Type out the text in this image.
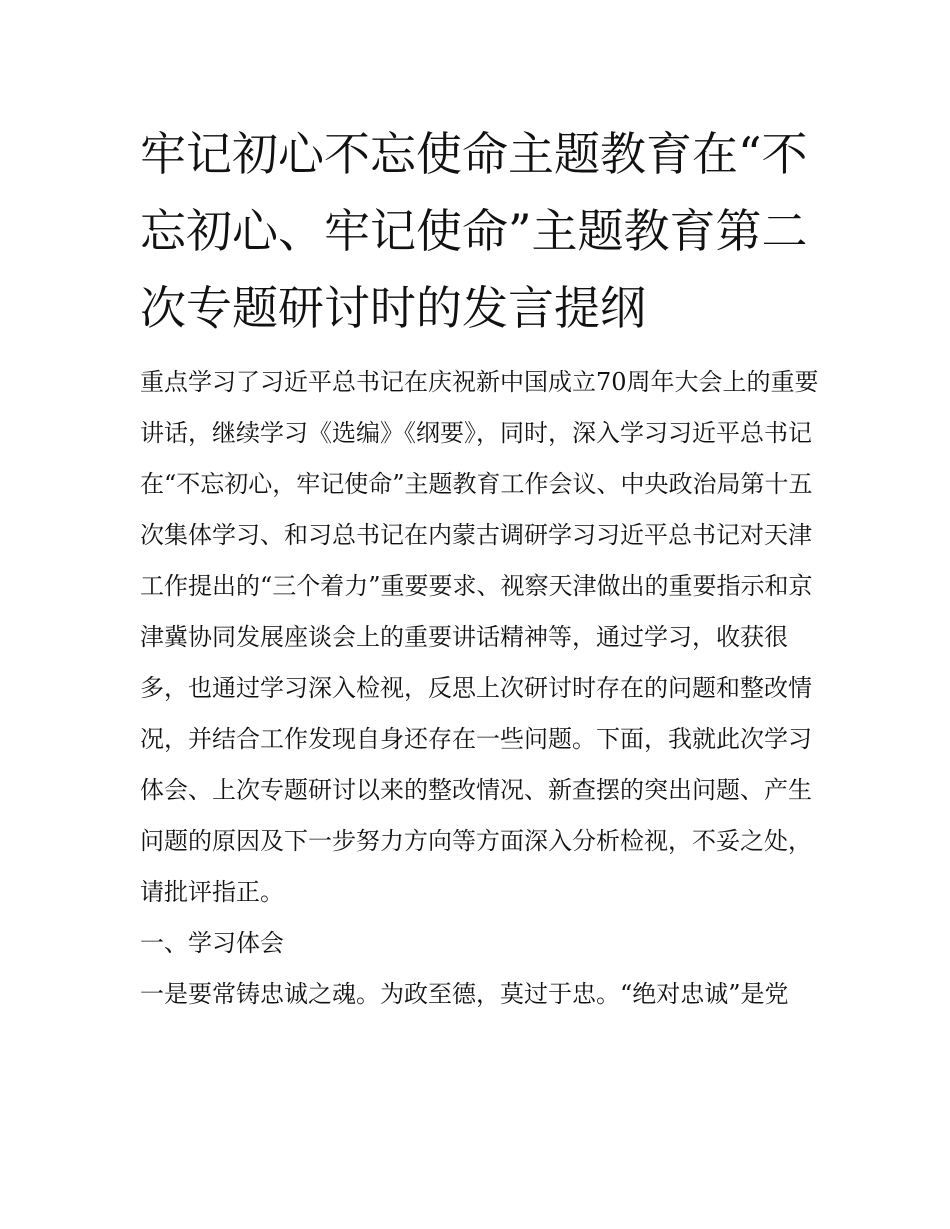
牢记初心不忘使命主题教育在“不忘初心、牢记使命”主题教育第二次专题研讨时的发言提纲

重点学习了习近平总书记在庆祝新中国成立70周年大会上的重要讲话，继续学习《选编》《纲要》，同时，深入学习习近平总书记在“不忘初心，牢记使命”主题教育工作会议、中央政治局第十五次集体学习、和习总书记在内蒙古调研学习习近平总书记对天津工作提出的“三个着力”重要要求、视察天津做出的重要指示和京津冀协同发展座谈会上的重要讲话精神等，通过学习，收获很多，也通过学习深入检视，反思上次研讨时存在的问题和整改情况，并结合工作发现自身还存在一些问题。下面，我就此次学习体会、上次专题研讨以来的整改情况、新查摆的突出问题、产生问题的原因及下一步努力方向等方面深入分析检视，不妥之处，请批评指正。

一、学习体会

一是要常铸忠诚之魂。为政至德，莫过于忠。“绝对忠诚”是党
